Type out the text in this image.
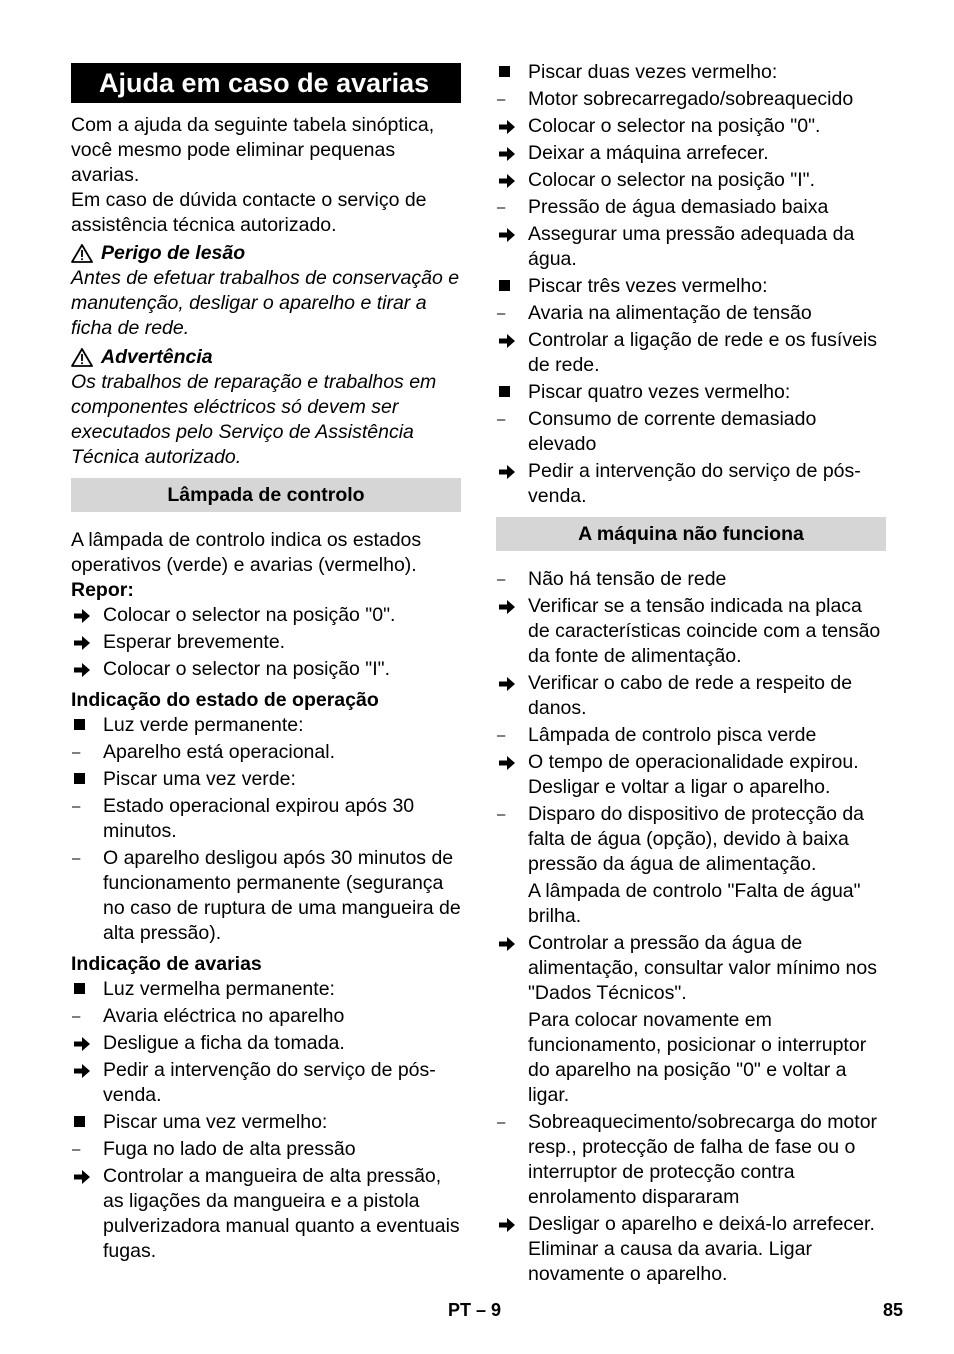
Ajuda em caso de avarias

Com a ajuda da seguinte tabela sinóptica, você mesmo pode eliminar pequenas avarias.

Em caso de dúvida contacte o serviço de assistência técnica autorizado.

Perigo de lesão

Antes de efetuar trabalhos de conservação e manutenção, desligar o aparelho e tirar a ficha de rede.

Advertência

Os trabalhos de reparação e trabalhos em componentes eléctricos só devem ser executados pelo Serviço de Assistência Técnica autorizado.

Lâmpada de controlo

A lâmpada de controlo indica os estados operativos (verde) e avarias (vermelho).

Repor:
Colocar o selector na posição "0".
Esperar brevemente.
Colocar o selector na posição "I".
Indicação do estado de operação
Luz verde permanente:
–
Aparelho está operacional.
Piscar uma vez verde:
–
Estado operacional expirou após 30 minutos.
–
O aparelho desligou após 30 minutos de funcionamento permanente (segurança no caso de ruptura de uma mangueira de alta pressão).
Indicação de avarias
Luz vermelha permanente:
–
Avaria eléctrica no aparelho
Desligue a ficha da tomada.
Pedir a intervenção do serviço de pós-venda.
Piscar uma vez vermelho:
–
Fuga no lado de alta pressão
Controlar a mangueira de alta pressão, as ligações da mangueira e a pistola pulverizadora manual quanto a eventuais fugas.
Piscar duas vezes vermelho:
–
Motor sobrecarregado/sobreaquecido
Colocar o selector na posição "0".
Deixar a máquina arrefecer.
Colocar o selector na posição "I".
–
Pressão de água demasiado baixa
Assegurar uma pressão adequada da água.
Piscar três vezes vermelho:
–
Avaria na alimentação de tensão
Controlar a ligação de rede e os fusíveis de rede.
Piscar quatro vezes vermelho:
–
Consumo de corrente demasiado elevado
Pedir a intervenção do serviço de pós-venda.
A máquina não funciona
–
Não há tensão de rede
Verificar se a tensão indicada na placa de características coincide com a tensão da fonte de alimentação.
Verificar o cabo de rede a respeito de danos.
–
Lâmpada de controlo pisca verde
O tempo de operacionalidade expirou. Desligar e voltar a ligar o aparelho.
–
Disparo do dispositivo de protecção da falta de água (opção), devido à baixa pressão da água de alimentação.
A lâmpada de controlo "Falta de água" brilha.
Controlar a pressão da água de alimentação, consultar valor mínimo nos "Dados Técnicos".
Para colocar novamente em funcionamento, posicionar o interruptor do aparelho na posição "0" e voltar a ligar.
–
Sobreaquecimento/sobrecarga do motor resp., protecção de falha de fase ou o interruptor de protecção contra enrolamento dispararam
Desligar o aparelho e deixá-lo arrefecer. Eliminar a causa da avaria. Ligar novamente o aparelho.
PT – 9	85
